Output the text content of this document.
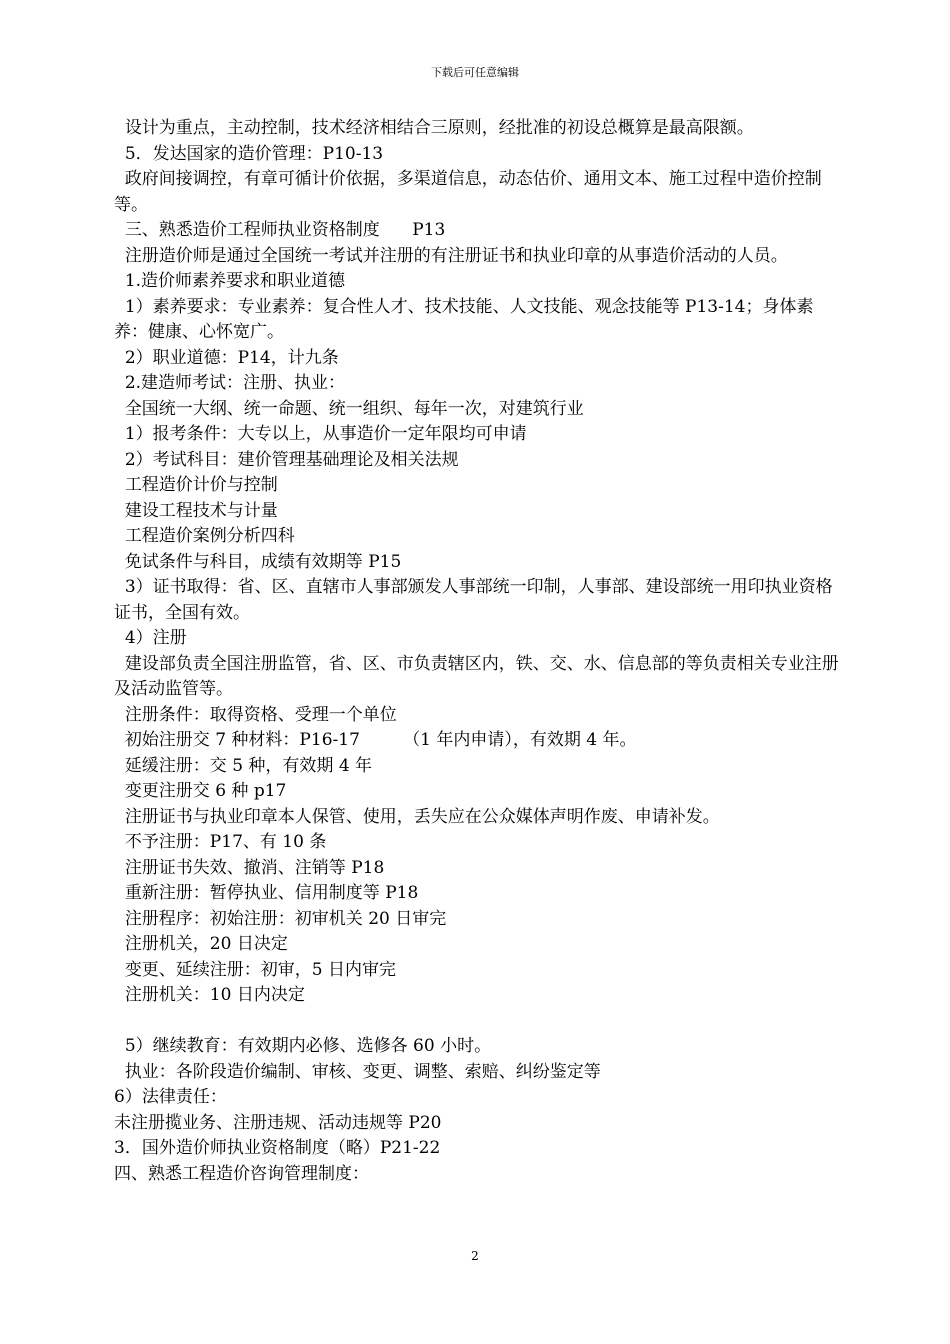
下载后可任意编辑

设计为重点，主动控制，技术经济相结合三原则，经批准的初设总概算是最高限额。

5．发达国家的造价管理：P10-13

政府间接调控，有章可循计价依据，多渠道信息，动态估价、通用文本、施工过程中造价控制等。

三、熟悉造价工程师执业资格制度      P13

注册造价师是通过全国统一考试并注册的有注册证书和执业印章的从事造价活动的人员。

1.造价师素养要求和职业道德

1）素养要求：专业素养：复合性人才、技术技能、人文技能、观念技能等 P13-14；身体素养：健康、心怀宽广。

2）职业道德：P14，计九条

2.建造师考试：注册、执业：

全国统一大纲、统一命题、统一组织、每年一次，对建筑行业

1）报考条件：大专以上，从事造价一定年限均可申请

2）考试科目：建价管理基础理论及相关法规

工程造价计价与控制

建设工程技术与计量

工程造价案例分析四科

免试条件与科目，成绩有效期等 P15

3）证书取得：省、区、直辖市人事部颁发人事部统一印制，人事部、建设部统一用印执业资格证书，全国有效。

4）注册

建设部负责全国注册监管，省、区、市负责辖区内，铁、交、水、信息部的等负责相关专业注册及活动监管等。

注册条件：取得资格、受理一个单位

初始注册交 7 种材料：P16-17        （1 年内申请），有效期 4 年。

延缓注册：交 5 种，有效期 4 年

变更注册交 6 种 p17

注册证书与执业印章本人保管、使用，丢失应在公众媒体声明作废、申请补发。

不予注册：P17、有 10 条

注册证书失效、撤消、注销等 P18

重新注册：暂停执业、信用制度等 P18

注册程序：初始注册：初审机关 20 日审完

注册机关，20 日决定

变更、延续注册：初审，5 日内审完

注册机关：10 日内决定

5）继续教育：有效期内必修、选修各 60 小时。

执业：各阶段造价编制、审核、变更、调整、索赔、纠纷鉴定等

6）法律责任：

未注册揽业务、注册违规、活动违规等 P20

3．国外造价师执业资格制度（略）P21-22

四、熟悉工程造价咨询管理制度：

2
